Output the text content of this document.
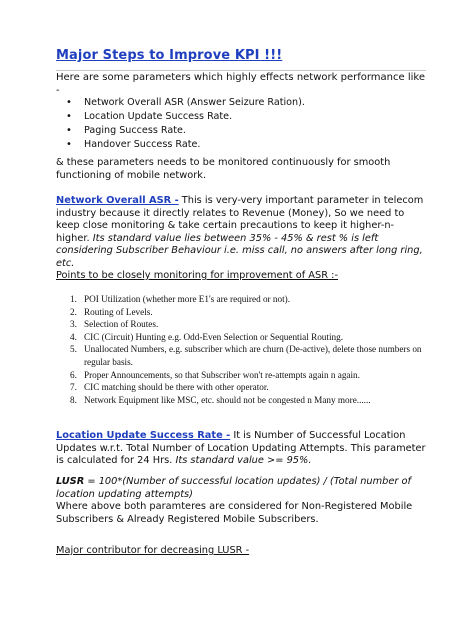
Major Steps to Improve KPI !!!
Here are some parameters which highly effects network performance like -
• Network Overall ASR (Answer Seizure Ration).
• Location Update Success Rate.
• Paging Success Rate.
• Handover Success Rate.
& these parameters needs to be monitored continuously for smooth functioning of mobile network.
Network Overall ASR - This is very-very important parameter in telecom industry because it directly relates to Revenue (Money), So we need to keep close monitoring & take certain precautions to keep it higher-n-higher. Its standard value lies between 35% - 45% & rest % is left considering Subscriber Behaviour i.e. miss call, no answers after long ring, etc.
Points to be closely monitoring for improvement of ASR :-
1. POI Utilization (whether more E1's are required or not).
2. Routing of Levels.
3. Selection of Routes.
4. CIC (Circuit) Hunting e.g. Odd-Even Selection or Sequential Routing.
5. Unallocated Numbers, e.g. subscriber which are churn (De-active), delete those numbers on regular basis.
6. Proper Announcements, so that Subscriber won't re-attempts again n again.
7. CIC matching should be there with other operator.
8. Network Equipment like MSC, etc. should not be congested n Many more......
Location Update Success Rate - It is Number of Successful Location Updates w.r.t. Total Number of Location Updating Attempts. This parameter is calculated for 24 Hrs. Its standard value >= 95%.
LUSR = 100*(Number of successful location updates) / (Total number of location updating attempts)
Where above both paramteres are considered for Non-Registered Mobile Subscribers & Already Registered Mobile Subscribers.
Major contributor for decreasing LUSR -
